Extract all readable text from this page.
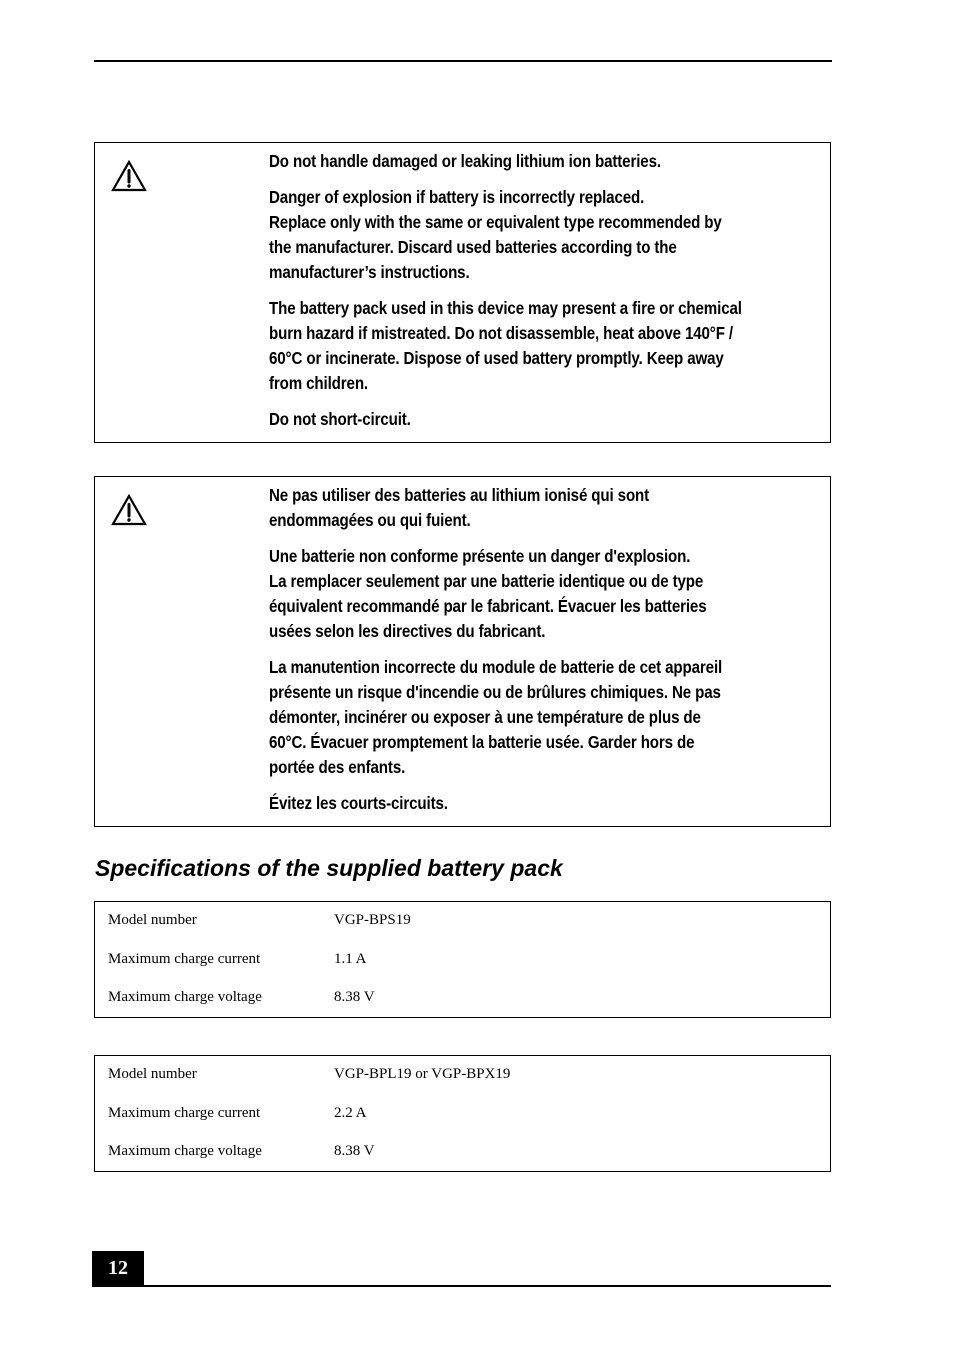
Do not handle damaged or leaking lithium ion batteries.

Danger of explosion if battery is incorrectly replaced.
Replace only with the same or equivalent type recommended by
the manufacturer. Discard used batteries according to the
manufacturer’s instructions.

The battery pack used in this device may present a fire or chemical
burn hazard if mistreated. Do not disassemble, heat above 140°F /
60°C or incinerate. Dispose of used battery promptly. Keep away
from children.

Do not short-circuit.

Ne pas utiliser des batteries au lithium ionisé qui sont
endommagées ou qui fuient.

Une batterie non conforme présente un danger d'explosion.
La remplacer seulement par une batterie identique ou de type
équivalent recommandé par le fabricant. Évacuer les batteries
usées selon les directives du fabricant.

La manutention incorrecte du module de batterie de cet appareil
présente un risque d'incendie ou de brûlures chimiques. Ne pas
démonter, incinérer ou exposer à une température de plus de
60°C. Évacuer promptement la batterie usée. Garder hors de
portée des enfants.

Évitez les courts-circuits.

Specifications of the supplied battery pack
Model number	VGP-BPS19
Maximum charge current	1.1 A
Maximum charge voltage	8.38 V
Model number	VGP-BPL19 or VGP-BPX19
Maximum charge current	2.2 A
Maximum charge voltage	8.38 V
12
